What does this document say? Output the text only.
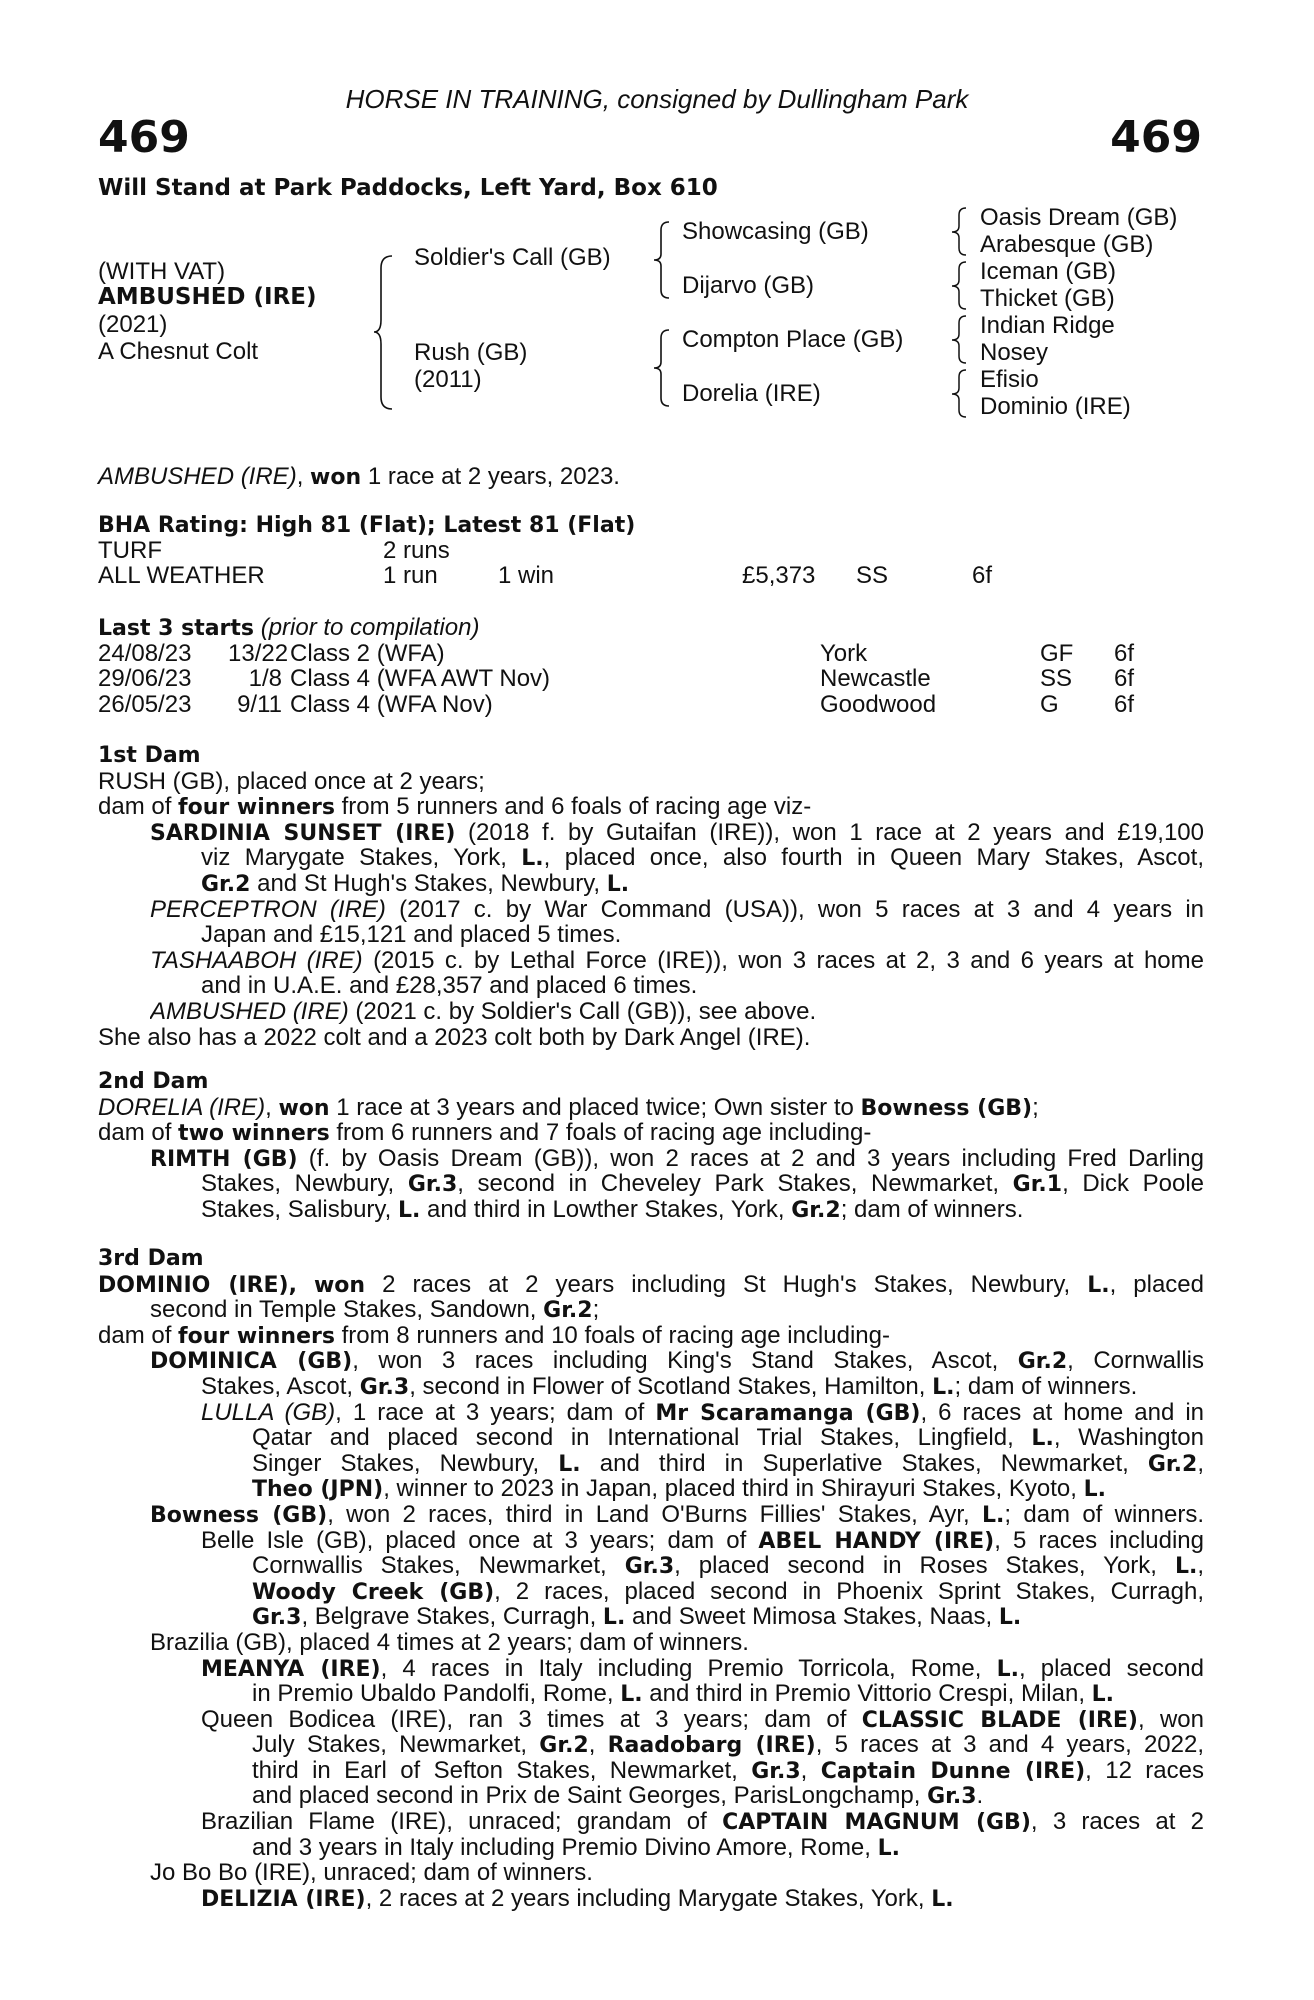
HORSE IN TRAINING, consigned by Dullingham Park
469	469
Will Stand at Park Paddocks, Left Yard, Box 610
(WITH VAT)
AMBUSHED (IRE)
(2021)
A Chesnut Colt
Soldier's Call (GB)
Rush (GB)
(2011)
Showcasing (GB)
Dijarvo (GB)
Compton Place (GB)
Dorelia (IRE)
Oasis Dream (GB)
Arabesque (GB)
Iceman (GB)
Thicket (GB)
Indian Ridge
Nosey
Efisio
Dominio (IRE)
AMBUSHED (IRE), won 1 race at 2 years, 2023.
BHA Rating: High 81 (Flat); Latest 81 (Flat)
TURF	2 runs
ALL WEATHER	1 run	1 win	£5,373 SS	6f
Last 3 starts (prior to compilation)
24/08/23 13/22 Class 2 (WFA)	York	GF 6f
29/06/23	1/8 Class 4 (WFA AWT Nov)	Newcastle	SS 6f
26/05/23	9/11 Class 4 (WFA Nov)	Goodwood	G 6f
1st Dam
RUSH (GB), placed once at 2 years;
dam of four winners from 5 runners and 6 foals of racing age viz-
SARDINIA SUNSET (IRE) (2018 f. by Gutaifan (IRE)), won 1 race at 2 years and £19,100
viz Marygate Stakes, York, L., placed once, also fourth in Queen Mary Stakes, Ascot,
Gr.2 and St Hugh's Stakes, Newbury, L.
PERCEPTRON (IRE) (2017 c. by War Command (USA)), won 5 races at 3 and 4 years in
Japan and £15,121 and placed 5 times.
TASHAABOH (IRE) (2015 c. by Lethal Force (IRE)), won 3 races at 2, 3 and 6 years at home
and in U.A.E. and £28,357 and placed 6 times.
AMBUSHED (IRE) (2021 c. by Soldier's Call (GB)), see above.
She also has a 2022 colt and a 2023 colt both by Dark Angel (IRE).
2nd Dam
DORELIA (IRE), won 1 race at 3 years and placed twice; Own sister to Bowness (GB);
dam of two winners from 6 runners and 7 foals of racing age including-
RIMTH (GB) (f. by Oasis Dream (GB)), won 2 races at 2 and 3 years including Fred Darling
Stakes, Newbury, Gr.3, second in Cheveley Park Stakes, Newmarket, Gr.1, Dick Poole
Stakes, Salisbury, L. and third in Lowther Stakes, York, Gr.2; dam of winners.
3rd Dam
DOMINIO (IRE), won 2 races at 2 years including St Hugh's Stakes, Newbury, L., placed
second in Temple Stakes, Sandown, Gr.2;
dam of four winners from 8 runners and 10 foals of racing age including-
DOMINICA (GB), won 3 races including King's Stand Stakes, Ascot, Gr.2, Cornwallis
Stakes, Ascot, Gr.3, second in Flower of Scotland Stakes, Hamilton, L.; dam of winners.
LULLA (GB), 1 race at 3 years; dam of Mr Scaramanga (GB), 6 races at home and in
Qatar and placed second in International Trial Stakes, Lingfield, L., Washington
Singer Stakes, Newbury, L. and third in Superlative Stakes, Newmarket, Gr.2,
Theo (JPN), winner to 2023 in Japan, placed third in Shirayuri Stakes, Kyoto, L.
Bowness (GB), won 2 races, third in Land O'Burns Fillies' Stakes, Ayr, L.; dam of winners.
Belle Isle (GB), placed once at 3 years; dam of ABEL HANDY (IRE), 5 races including
Cornwallis Stakes, Newmarket, Gr.3, placed second in Roses Stakes, York, L.,
Woody Creek (GB), 2 races, placed second in Phoenix Sprint Stakes, Curragh,
Gr.3, Belgrave Stakes, Curragh, L. and Sweet Mimosa Stakes, Naas, L.
Brazilia (GB), placed 4 times at 2 years; dam of winners.
MEANYA (IRE), 4 races in Italy including Premio Torricola, Rome, L., placed second
in Premio Ubaldo Pandolfi, Rome, L. and third in Premio Vittorio Crespi, Milan, L.
Queen Bodicea (IRE), ran 3 times at 3 years; dam of CLASSIC BLADE (IRE), won
July Stakes, Newmarket, Gr.2, Raadobarg (IRE), 5 races at 3 and 4 years, 2022,
third in Earl of Sefton Stakes, Newmarket, Gr.3, Captain Dunne (IRE), 12 races
and placed second in Prix de Saint Georges, ParisLongchamp, Gr.3.
Brazilian Flame (IRE), unraced; grandam of CAPTAIN MAGNUM (GB), 3 races at 2
and 3 years in Italy including Premio Divino Amore, Rome, L.
Jo Bo Bo (IRE), unraced; dam of winners.
DELIZIA (IRE), 2 races at 2 years including Marygate Stakes, York, L.
